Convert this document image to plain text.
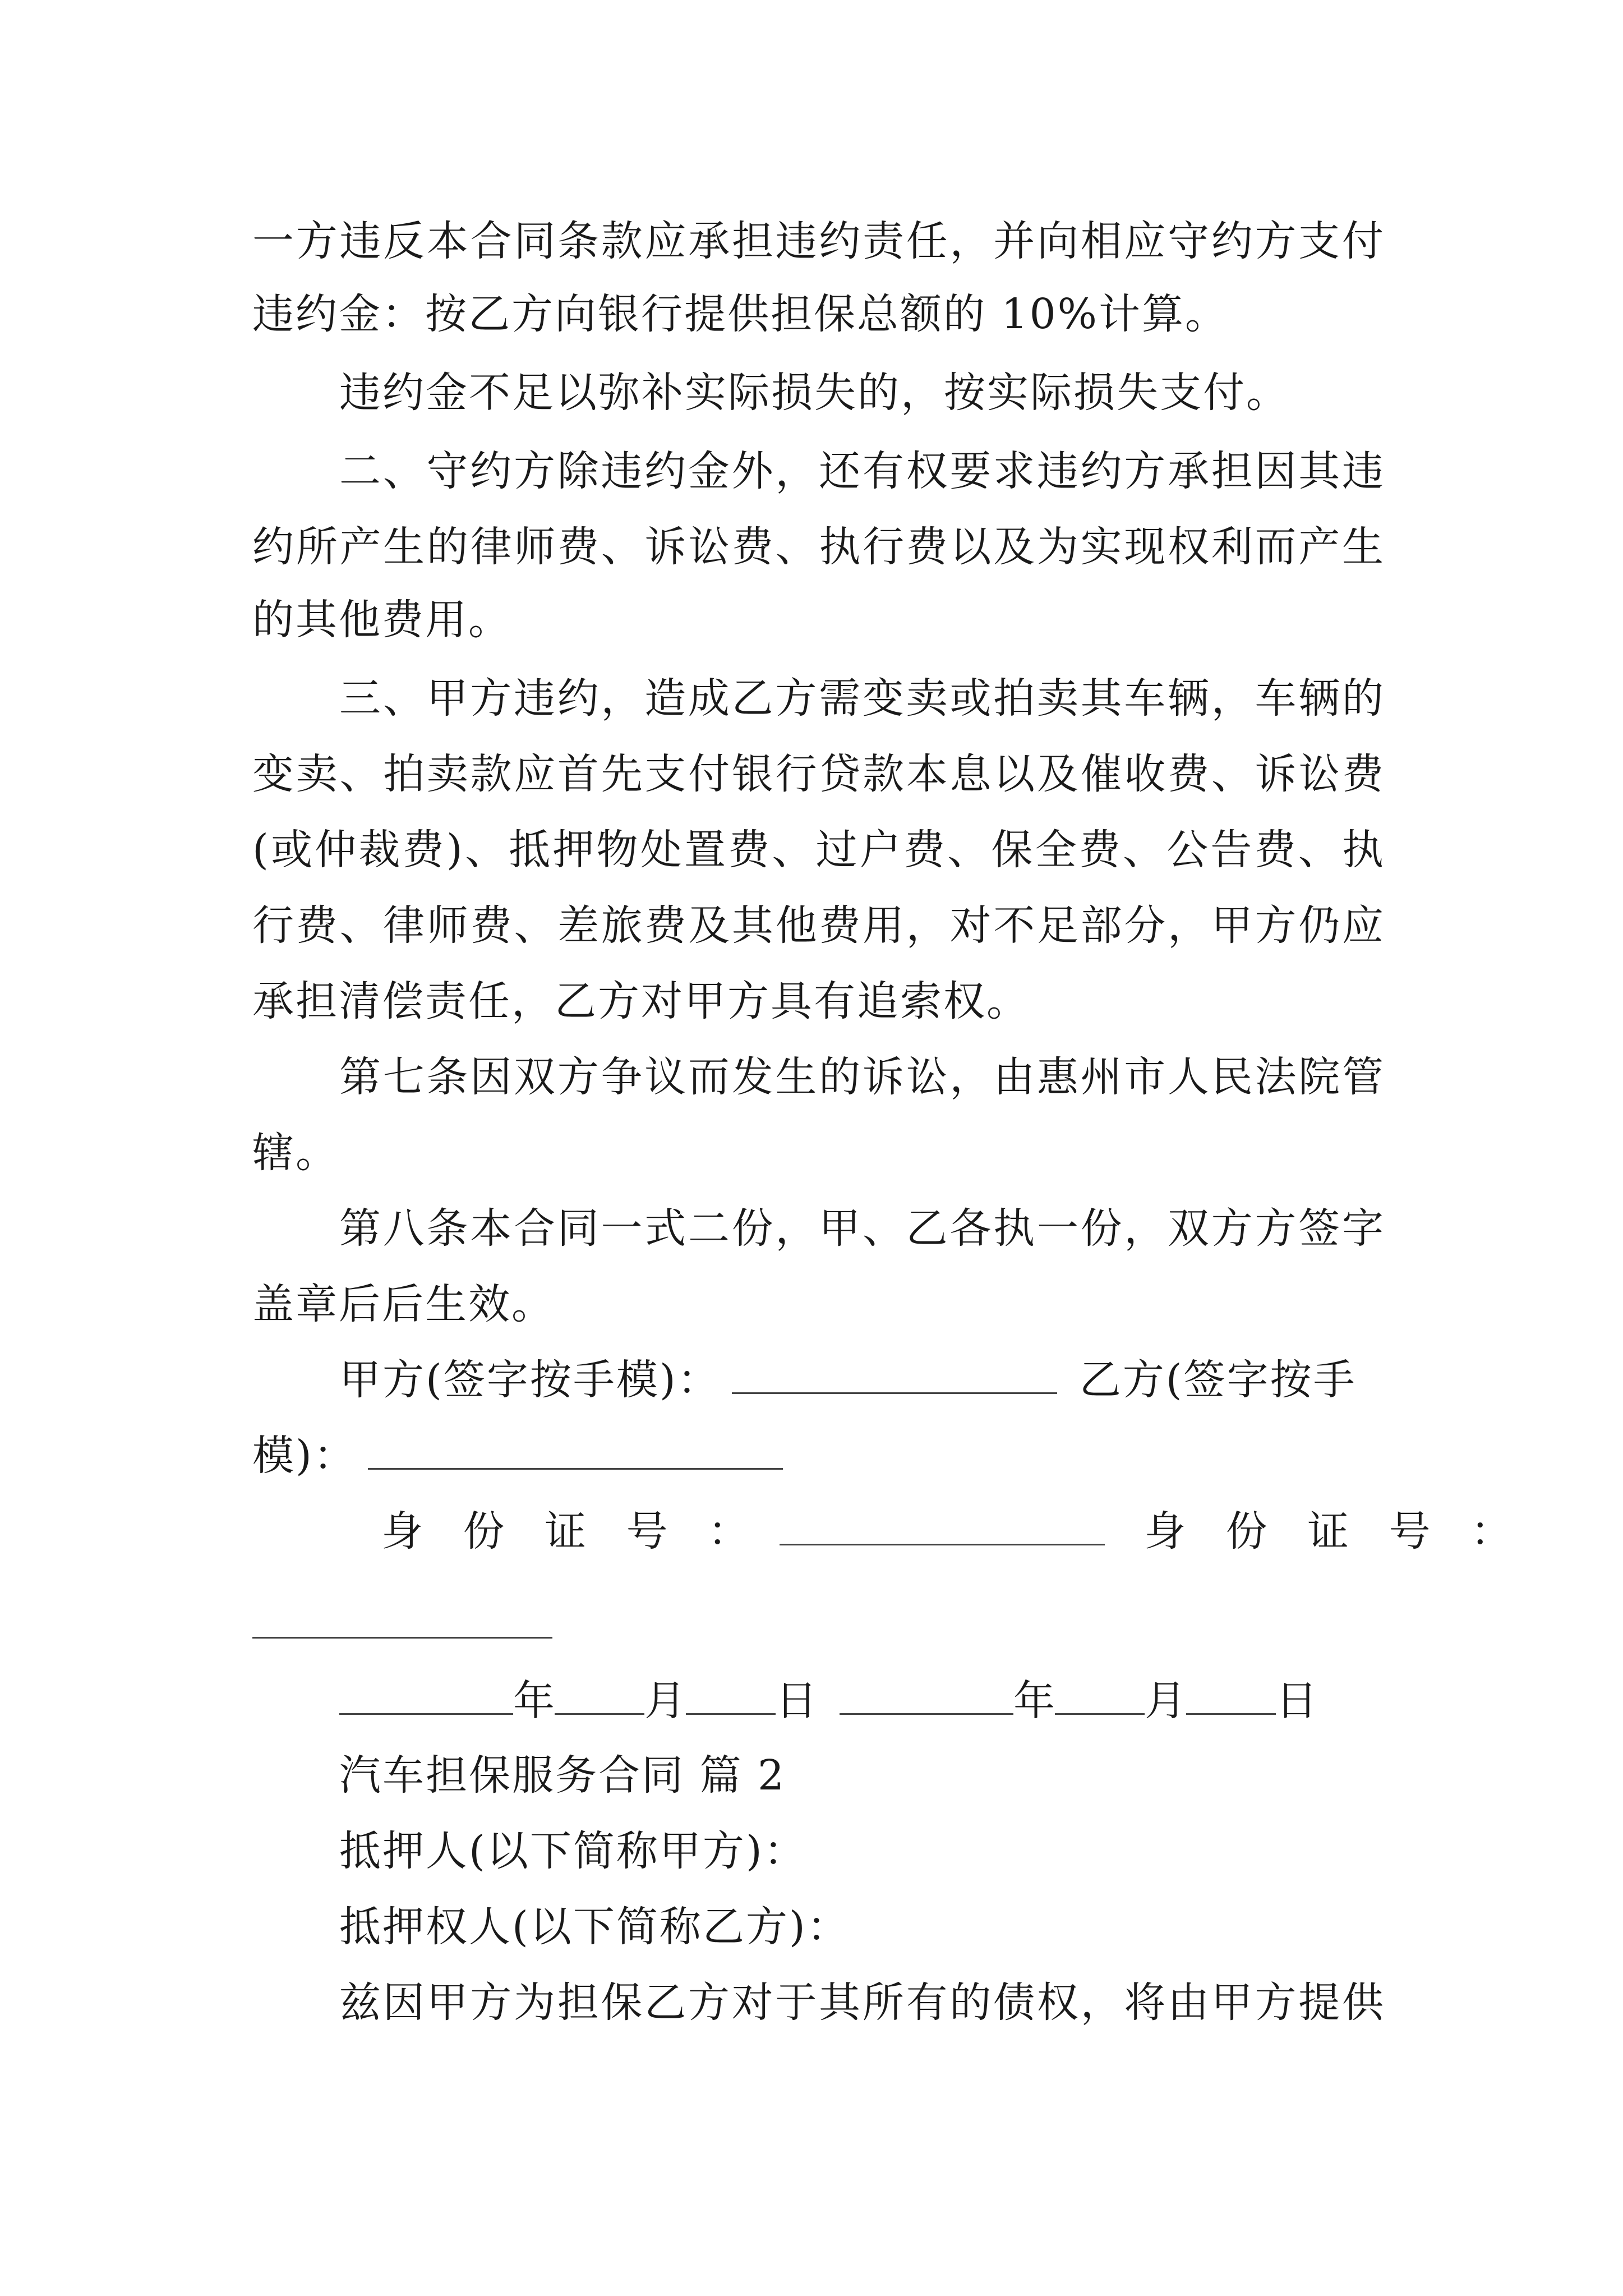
一方违反本合同条款应承担违约责任，并向相应守约方支付
违约金：按乙方向银行提供担保总额的 10%计算。
违约金不足以弥补实际损失的，按实际损失支付。
二、守约方除违约金外，还有权要求违约方承担因其违
约所产生的律师费、诉讼费、执行费以及为实现权利而产生
的其他费用。
三、甲方违约，造成乙方需变卖或拍卖其车辆，车辆的
变卖、拍卖款应首先支付银行贷款本息以及催收费、诉讼费
(或仲裁费)、抵押物处置费、过户费、保全费、公告费、执
行费、律师费、差旅费及其他费用，对不足部分，甲方仍应
承担清偿责任，乙方对甲方具有追索权。
第七条因双方争议而发生的诉讼，由惠州市人民法院管
辖。
第八条本合同一式二份，甲、乙各执一份，双方方签字
盖章后后生效。
甲方(签字按手模)：	乙方(签字按手
模)：
身 份 证 号 ：	身 份 证 号 ：
年 月 日	年 月 日
汽车担保服务合同 篇 2
抵押人(以下简称甲方)：
抵押权人(以下简称乙方)：
兹因甲方为担保乙方对于其所有的债权，将由甲方提供
